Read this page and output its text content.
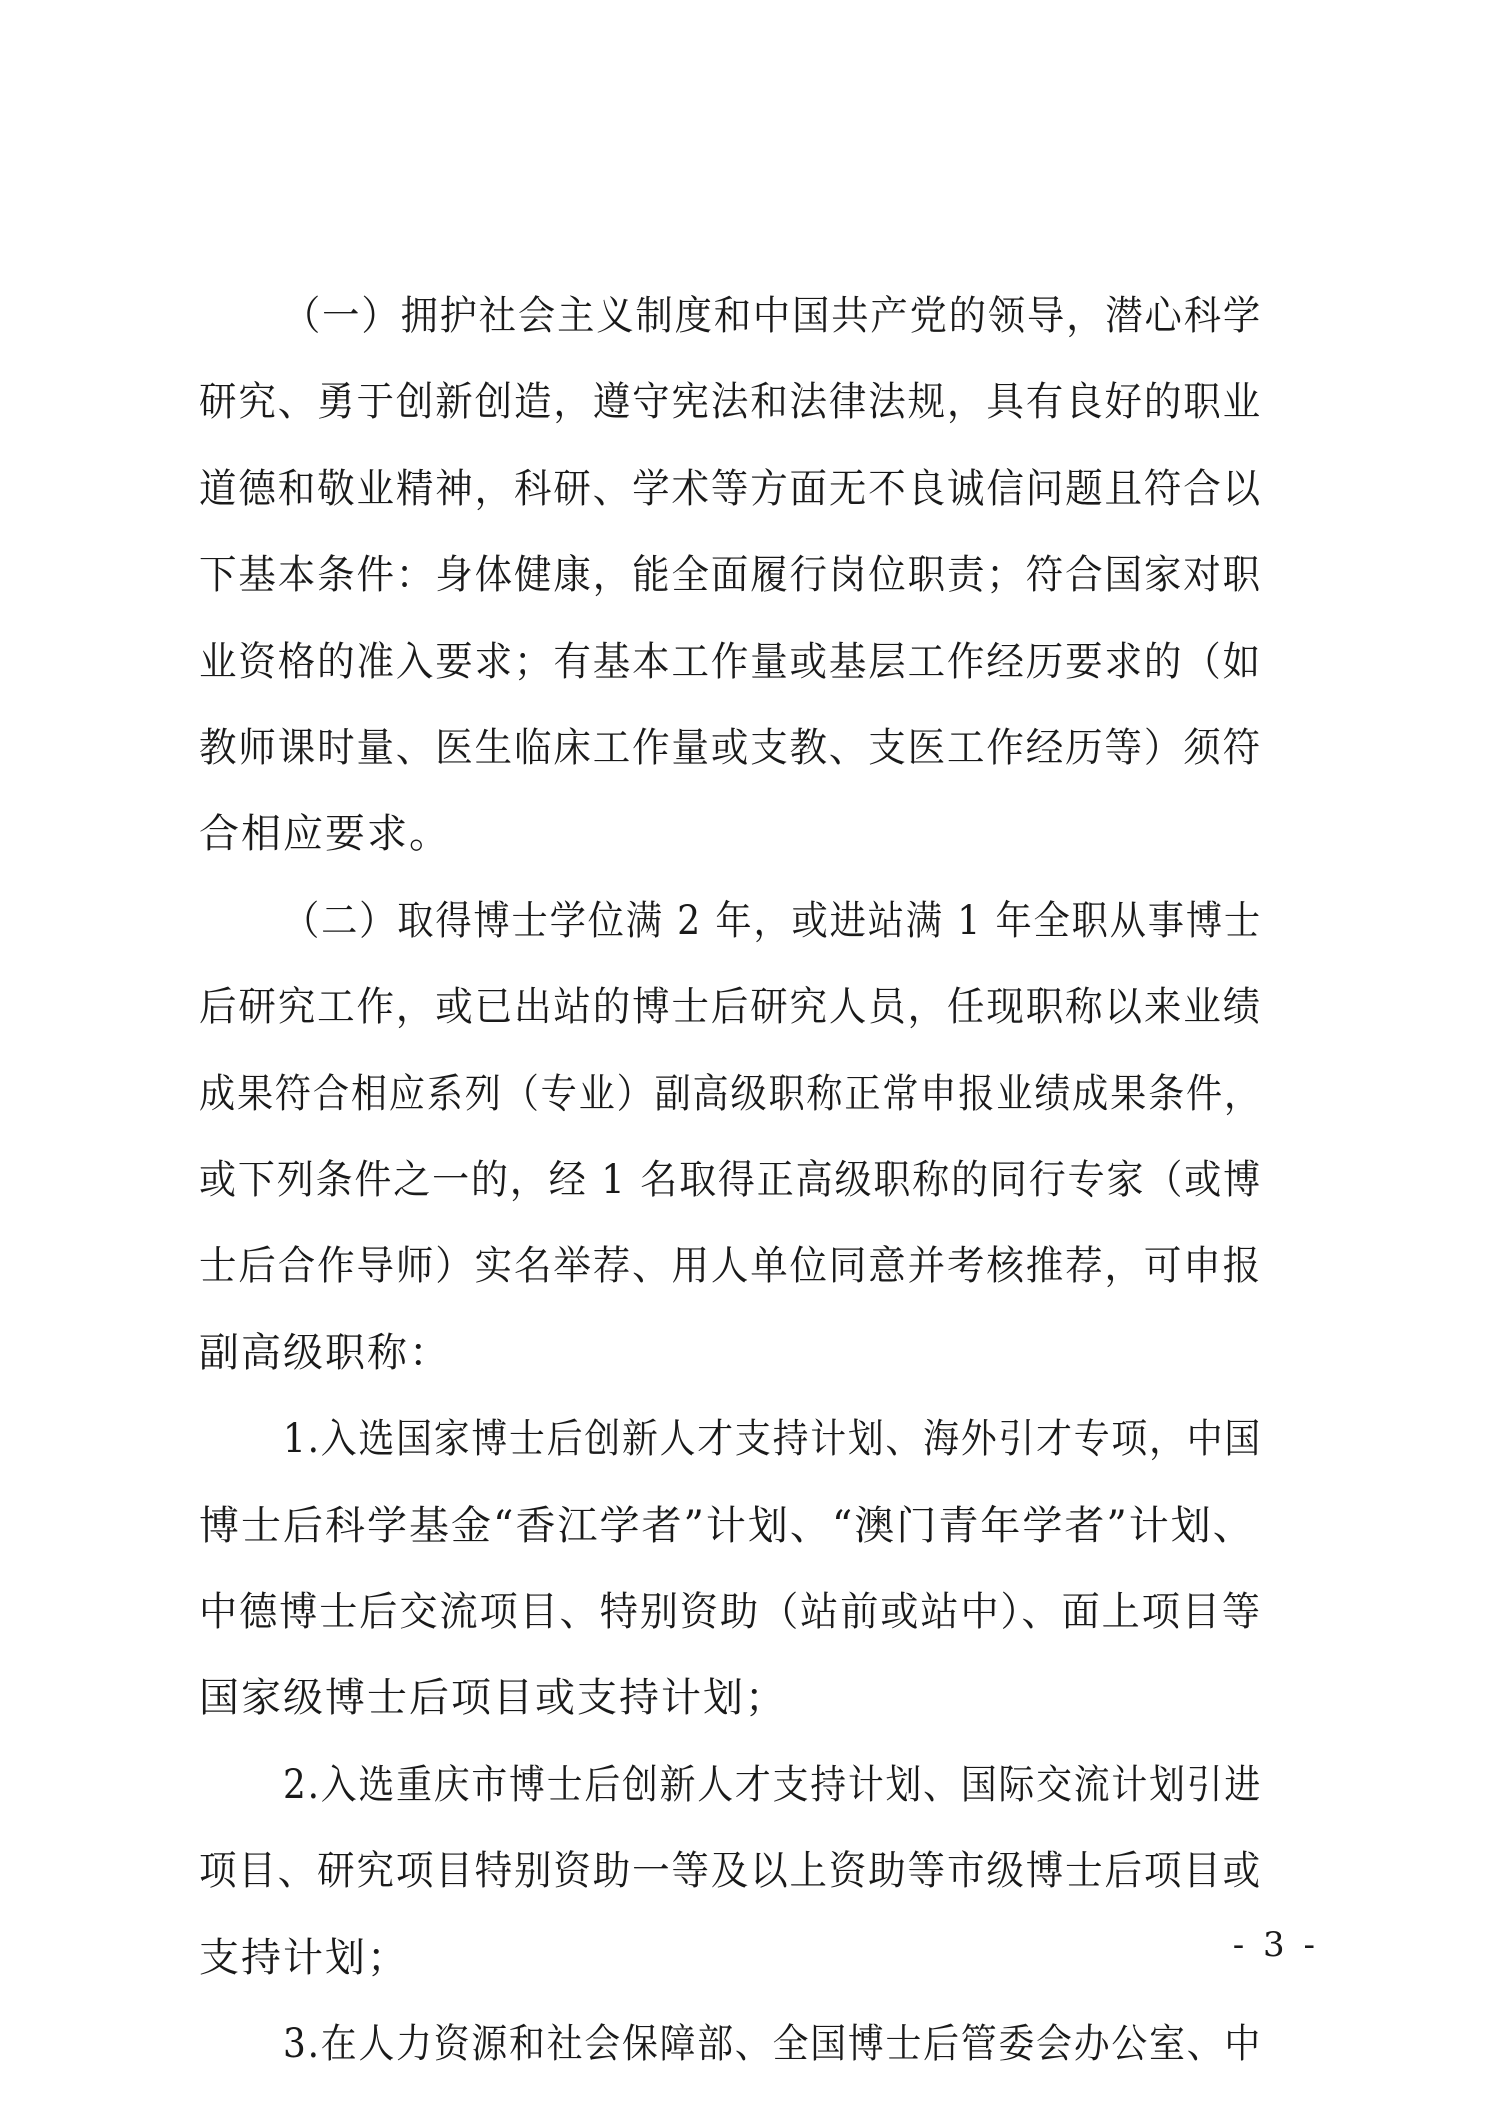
（一）拥护社会主义制度和中国共产党的领导，潜心科学
研究、勇于创新创造，遵守宪法和法律法规，具有良好的职业
道德和敬业精神，科研、学术等方面无不良诚信问题且符合以
下基本条件：身体健康，能全面履行岗位职责；符合国家对职
业资格的准入要求；有基本工作量或基层工作经历要求的（如
教师课时量、医生临床工作量或支教、支医工作经历等）须符
合相应要求。
（二）取得博士学位满 2 年，或进站满 1 年全职从事博士
后研究工作，或已出站的博士后研究人员，任现职称以来业绩
成果符合相应系列（专业）副高级职称正常申报业绩成果条件，
或下列条件之一的，经 1 名取得正高级职称的同行专家（或博
士后合作导师）实名举荐、用人单位同意并考核推荐，可申报
副高级职称：
1.入选国家博士后创新人才支持计划、海外引才专项，中国
博士后科学基金“香江学者”计划、“澳门青年学者”计划、
中德博士后交流项目、特别资助（站前或站中）、面上项目等
国家级博士后项目或支持计划；
2.入选重庆市博士后创新人才支持计划、国际交流计划引进
项目、研究项目特别资助一等及以上资助等市级博士后项目或
支持计划；
3.在人力资源和社会保障部、全国博士后管委会办公室、中
- 3 -
